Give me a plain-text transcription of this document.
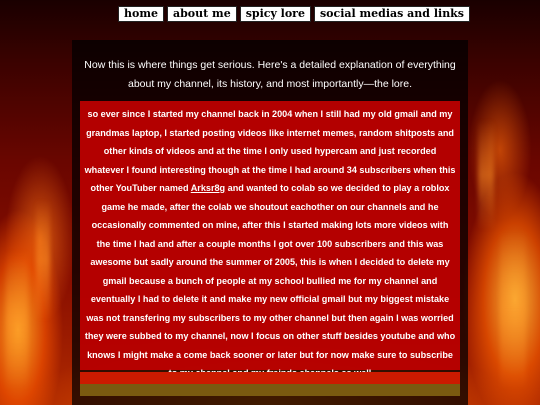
home	about me	spicy lore	social medias and links

Now this is where things get serious. Here's a detailed explanation of everything about my channel, its history, and most importantly—the lore.

so ever since I started my channel back in 2004 when I still had my old gmail and my grandmas laptop, I started posting videos like internet memes, random shitposts and other kinds of videos and at the time I only used hypercam and just recorded whatever I found interesting though at the time I had around 34 subscribers when this other YouTuber named Arksr8g and wanted to colab so we decided to play a roblox game he made, after the colab we shoutout eachother on our channels and he occasionally commented on mine, after this I started making lots more videos with the time I had and after a couple months I got over 100 subscribers and this was awesome but sadly around the summer of 2005, this is when I decided to delete my gmail because a bunch of people at my school bullied me for my channel and eventually I had to delete it and make my new official gmail but my biggest mistake was not transfering my subscribers to my other channel but then again I was worried they were subbed to my channel, now I focus on other stuff besides youtube and who knows I might make a come back sooner or later but for now make sure to subscribe
